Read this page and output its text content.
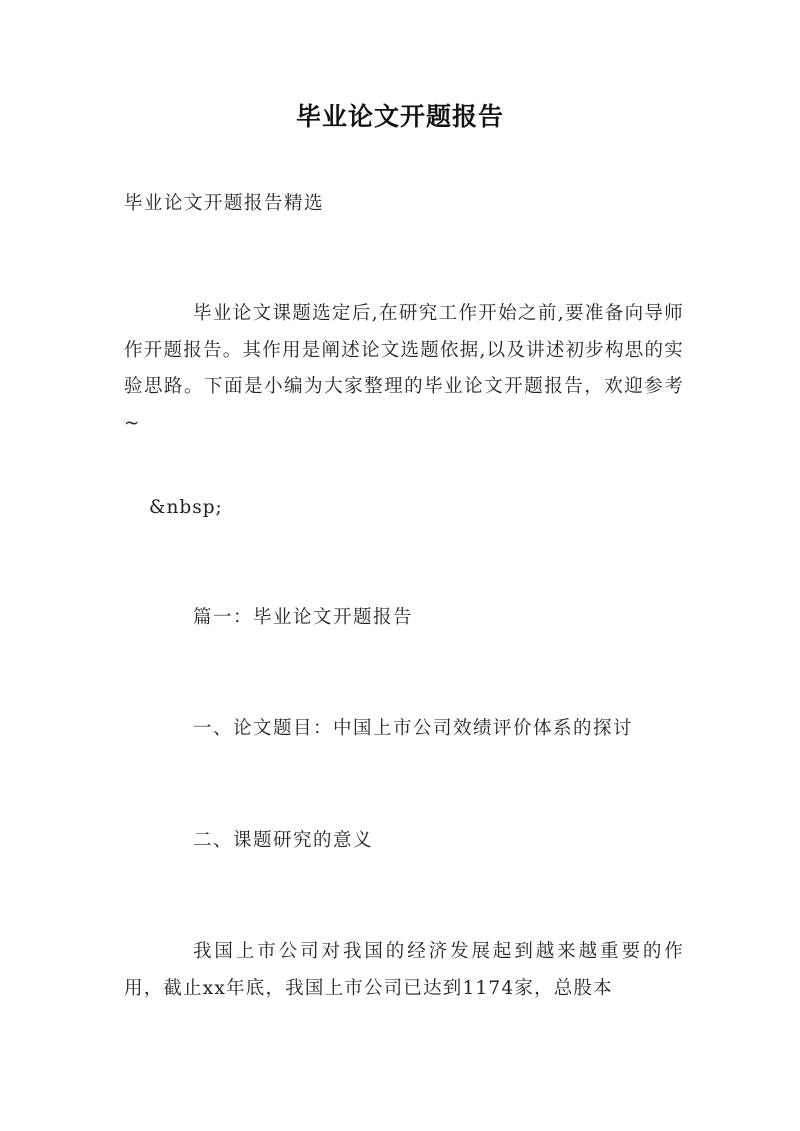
毕业论文开题报告
毕业论文开题报告精选
毕业论文课题选定后,在研究工作开始之前,要准备向导师作开题报告。其作用是阐述论文选题依据,以及讲述初步构思的实验思路。下面是小编为大家整理的毕业论文开题报告，欢迎参考~
&nbsp;
篇一：毕业论文开题报告
一、论文题目：中国上市公司效绩评价体系的探讨
二、课题研究的意义
我国上市公司对我国的经济发展起到越来越重要的作用，截止xx年底，我国上市公司已达到1174家，总股本
